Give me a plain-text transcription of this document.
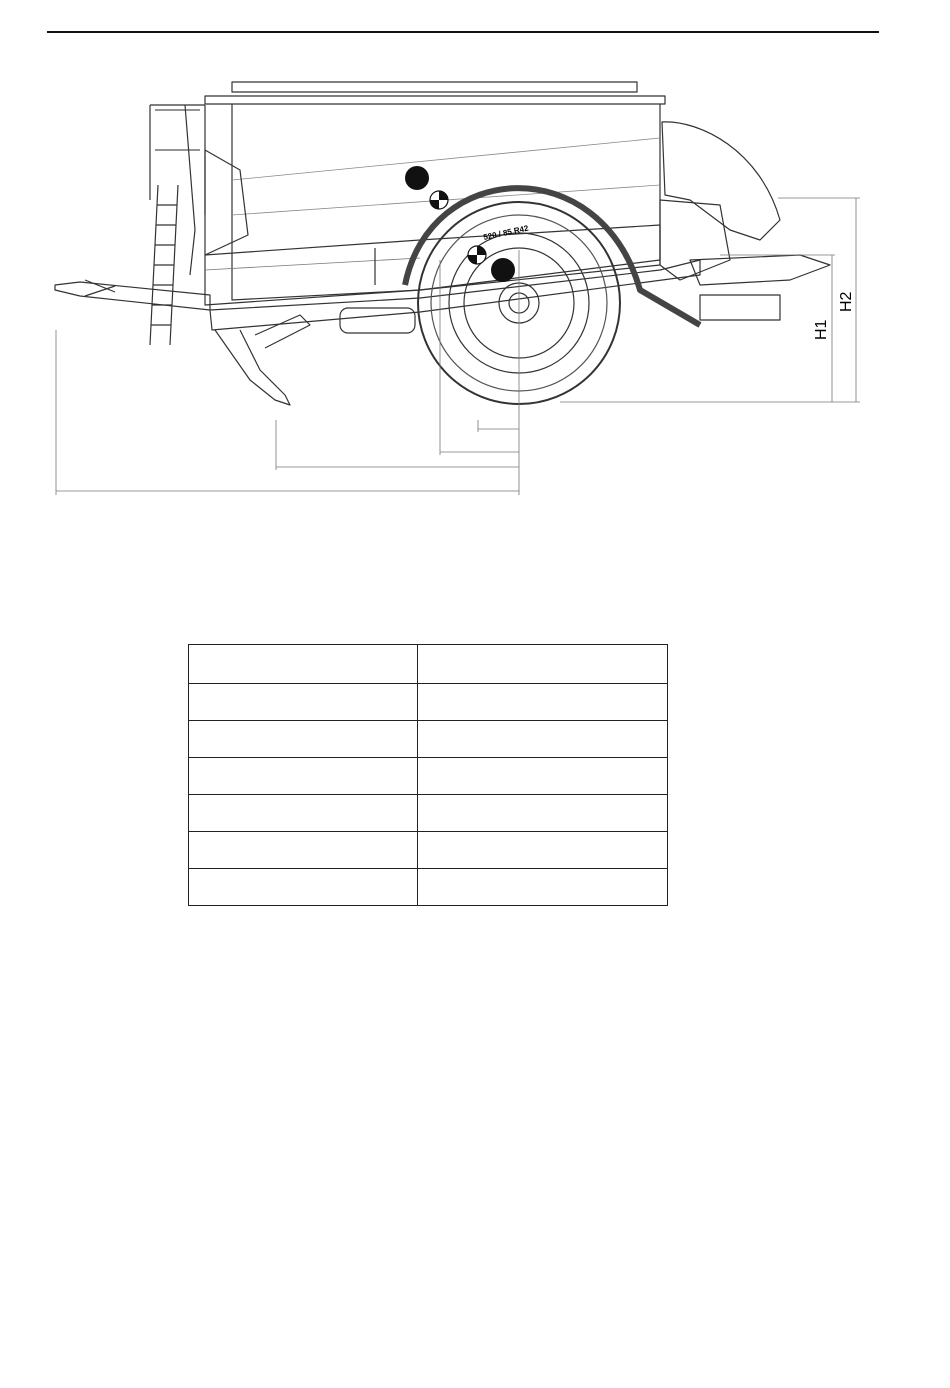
520 / 85 R42
H1
H2
